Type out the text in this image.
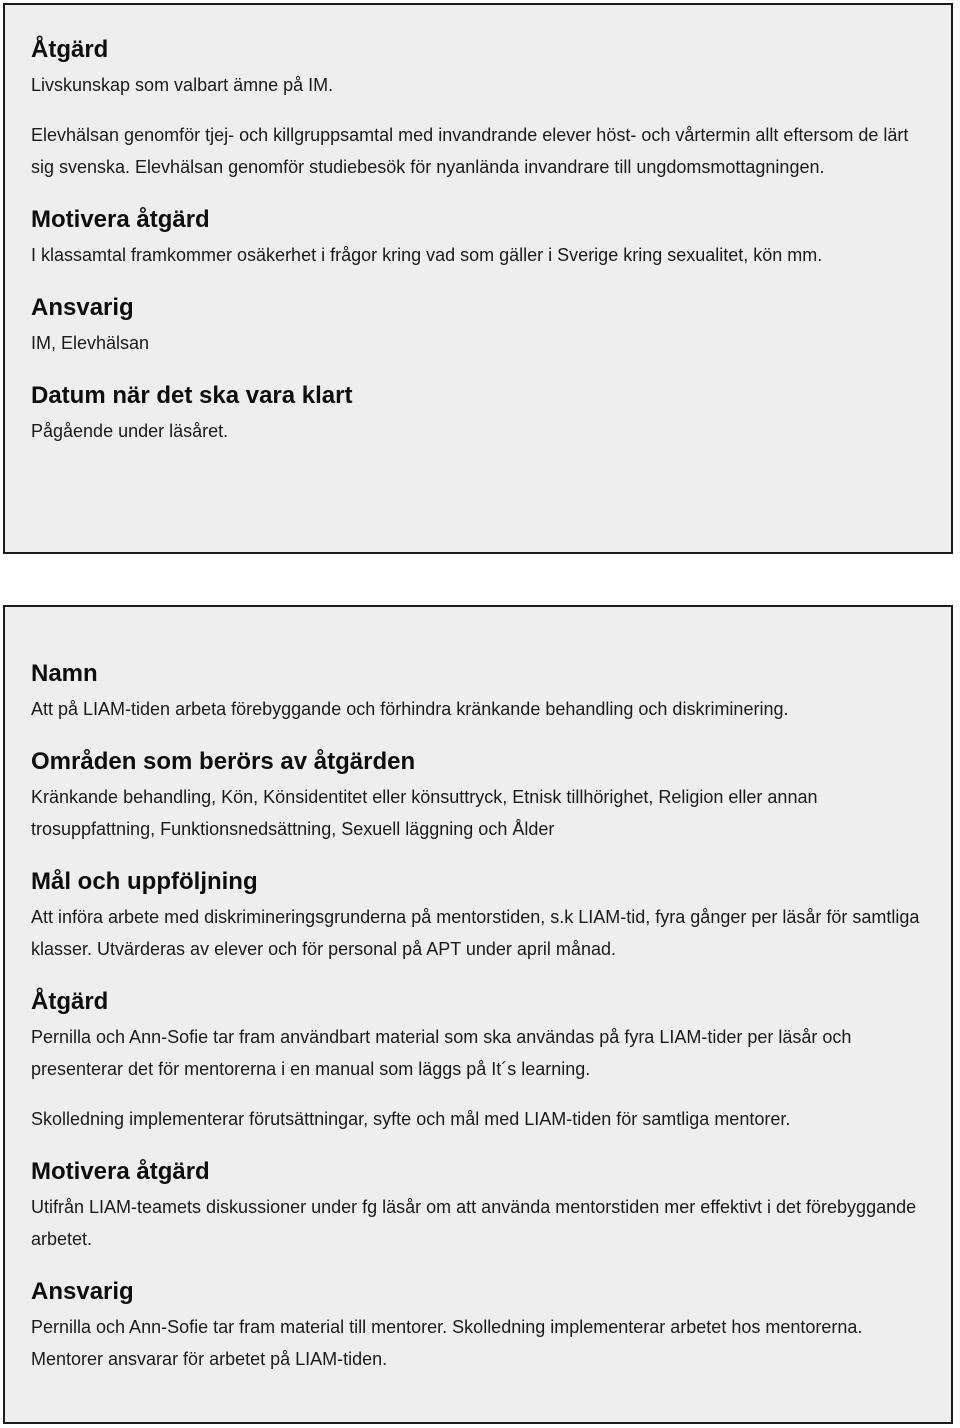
Åtgärd

Livskunskap som valbart ämne på IM.

Elevhälsan genomför tjej- och killgruppsamtal med invandrande elever höst- och vårtermin allt eftersom de lärt sig svenska. Elevhälsan genomför studiebesök för nyanlända invandrare till ungdomsmottagningen.

Motivera åtgärd

I klassamtal framkommer osäkerhet i frågor kring vad som gäller i Sverige kring sexualitet, kön mm.

Ansvarig

IM, Elevhälsan

Datum när det ska vara klart

Pågående under läsåret.

Namn

Att på LIAM-tiden arbeta förebyggande och förhindra kränkande behandling och diskriminering.

Områden som berörs av åtgärden

Kränkande behandling, Kön, Könsidentitet eller könsuttryck, Etnisk tillhörighet, Religion eller annan trosuppfattning, Funktionsnedsättning, Sexuell läggning och Ålder

Mål och uppföljning

Att införa arbete med diskrimineringsgrunderna på mentorstiden, s.k LIAM-tid, fyra gånger per läsår för samtliga klasser. Utvärderas av elever och för personal på APT under april månad.

Åtgärd

Pernilla och Ann-Sofie tar fram användbart material som ska användas på fyra LIAM-tider per läsår och presenterar det för mentorerna i en manual som läggs på It´s learning.

Skolledning implementerar förutsättningar, syfte och mål med LIAM-tiden för samtliga mentorer.

Motivera åtgärd

Utifrån LIAM-teamets diskussioner under fg läsår om att använda mentorstiden mer effektivt i det förebyggande arbetet.

Ansvarig

Pernilla och Ann-Sofie tar fram material till mentorer. Skolledning implementerar arbetet hos mentorerna. Mentorer ansvarar för arbetet på LIAM-tiden.
